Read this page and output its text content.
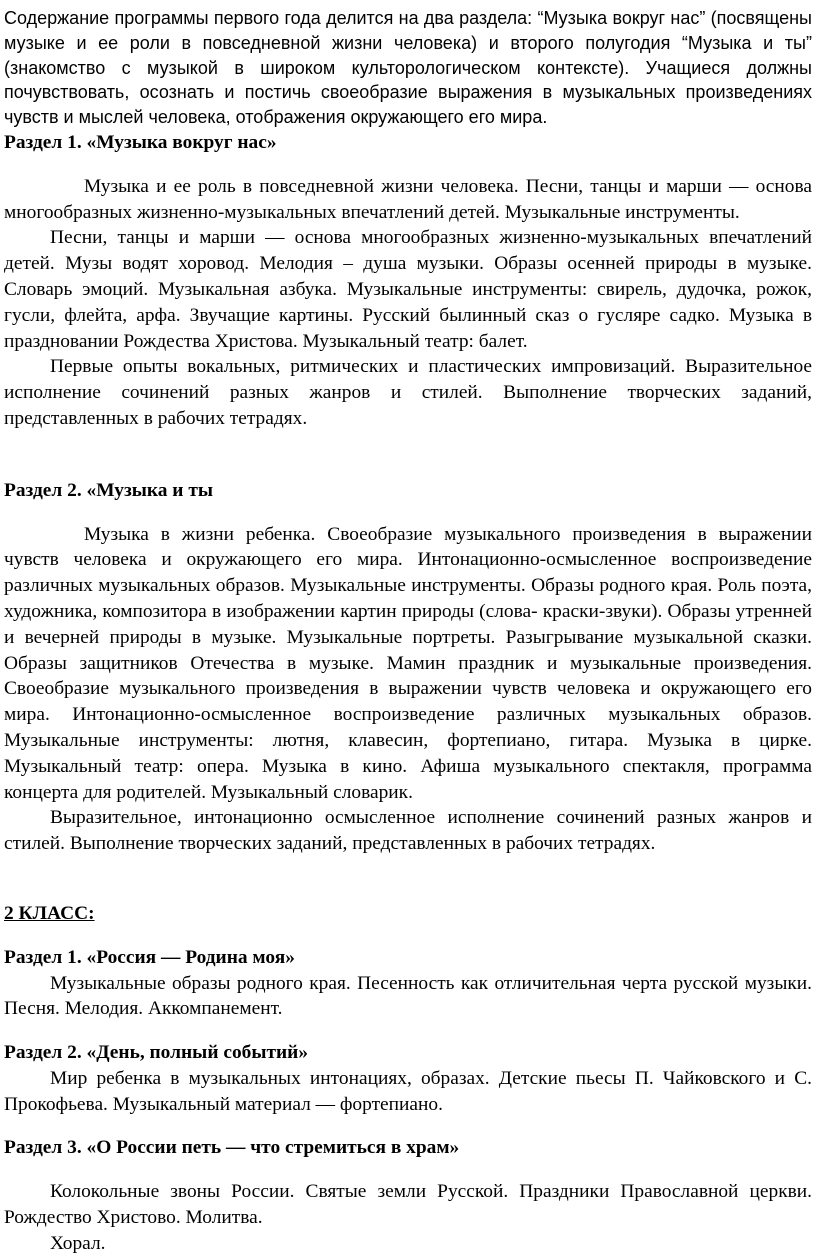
Содержание программы первого года делится на два раздела: “Музыка вокруг нас” (посвящены музыке и ее роли в повседневной жизни человека) и второго полугодия “Музыка и ты” (знакомство с музыкой в широком культорологическом контексте). Учащиеся должны почувствовать, осознать и постичь своеобразие выражения в музыкальных произведениях чувств и мыслей человека, отображения окружающего его мира.

Раздел 1. «Музыка вокруг нас»

Музыка и ее роль в повседневной жизни человека. Песни, танцы и марши — основа многообразных жизненно-музыкальных впечатлений детей. Музыкальные инструменты.

Песни, танцы и марши — основа многообразных жизненно-музыкальных впечатлений детей. Музы водят хоровод. Мелодия – душа музыки. Образы осенней природы в музыке. Словарь эмоций. Музыкальная азбука. Музыкальные инструменты: свирель, дудочка, рожок, гусли, флейта, арфа. Звучащие картины. Русский былинный сказ о гусляре садко. Музыка в праздновании Рождества Христова. Музыкальный театр: балет.

Первые опыты вокальных, ритмических и пластических импровизаций. Выразительное исполнение сочинений разных жанров и стилей. Выполнение творческих заданий, представленных в рабочих тетрадях.

Раздел 2. «Музыка и ты

Музыка в жизни ребенка. Своеобразие музыкального произведения в выражении чувств человека и окружающего его мира. Интонационно-осмысленное воспроизведение различных музыкальных образов. Музыкальные инструменты. Образы родного края. Роль поэта, художника, композитора в изображении картин природы (слова- краски-звуки). Образы утренней и вечерней природы в музыке. Музыкальные портреты. Разыгрывание музыкальной сказки. Образы защитников Отечества в музыке. Мамин праздник и музыкальные произведения. Своеобразие музыкального произведения в выражении чувств человека и окружающего его мира. Интонационно-осмысленное воспроизведение различных музыкальных образов. Музыкальные инструменты: лютня, клавесин, фортепиано, гитара. Музыка в цирке. Музыкальный театр: опера. Музыка в кино. Афиша музыкального спектакля, программа концерта для родителей. Музыкальный словарик.

Выразительное, интонационно осмысленное исполнение сочинений разных жанров и стилей. Выполнение творческих заданий, представленных в рабочих тетрадях.

2 КЛАСС:

Раздел 1. «Россия — Родина моя»

Музыкальные образы родного края. Песенность как отличительная черта русской музыки. Песня. Мелодия. Аккомпанемент.

Раздел 2. «День, полный событий»

Мир ребенка в музыкальных интонациях, образах. Детские пьесы П. Чайковского и С. Прокофьева. Музыкальный материал — фортепиано.

Раздел 3. «О России петь — что стремиться в храм»

Колокольные звоны России. Святые земли Русской. Праздники Православной церкви. Рождество Христово. Молитва.

Хорал.
